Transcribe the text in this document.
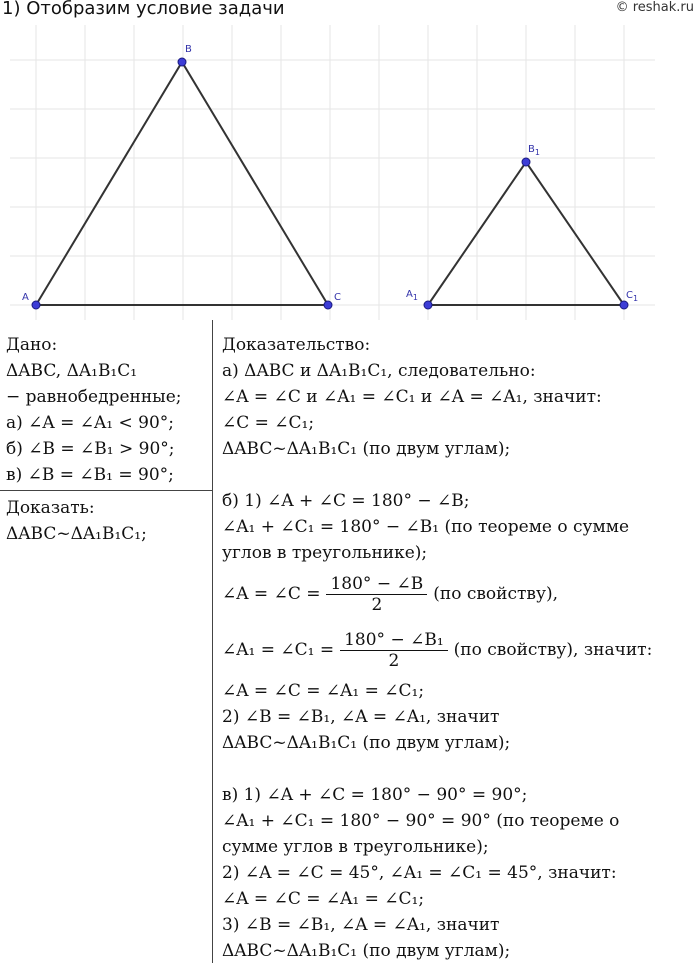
1) Отобразим условие задачи	© reshak.ru
A
B
C	$A_1$
$B_1$
$C_1$
Дано:
ΔABC, ΔA₁B₁C₁
− равнобедренные;
а) ∠A = ∠A₁ < 90°;
б) ∠B = ∠B₁ > 90°;
в) ∠B = ∠B₁ = 90°;
Доказать:
ΔABC~ΔA₁B₁C₁;
Доказательство:
а) ΔABC и ΔA₁B₁C₁, следовательно:
∠A = ∠C и ∠A₁ = ∠C₁ и ∠A = ∠A₁, значит:
∠C = ∠C₁;
ΔABC~ΔA₁B₁C₁ (по двум углам);
б) 1) ∠A + ∠C = 180° − ∠B;
∠A₁ + ∠C₁ = 180° − ∠B₁ (по теореме о сумме
углов в треугольнике);
∠A = ∠C = $\frac{180^\circ - \angle B}{2} (по$ свойству),
∠A₁ = ∠C₁ = $\frac{\text{180° − ∠B₁}}{2} (по$ свойству), значит:
∠A = ∠C = ∠A₁ = ∠C₁;
2) ∠B = ∠B₁, ∠A = ∠A₁, значит
ΔABC~ΔA₁B₁C₁ (по двум углам);
в) 1) ∠A + ∠C = 180° − 90° = 90°;
∠A₁ + ∠C₁ = 180° − 90° = 90° (по теореме о
сумме углов в треугольнике);
2) ∠A = ∠C = 45°, ∠A₁ = ∠C₁ = 45°, значит:
∠A = ∠C = ∠A₁ = ∠C₁;
3) ∠B = ∠B₁, ∠A = ∠A₁, значит
ΔABC~ΔA₁B₁C₁ (по двум углам);
